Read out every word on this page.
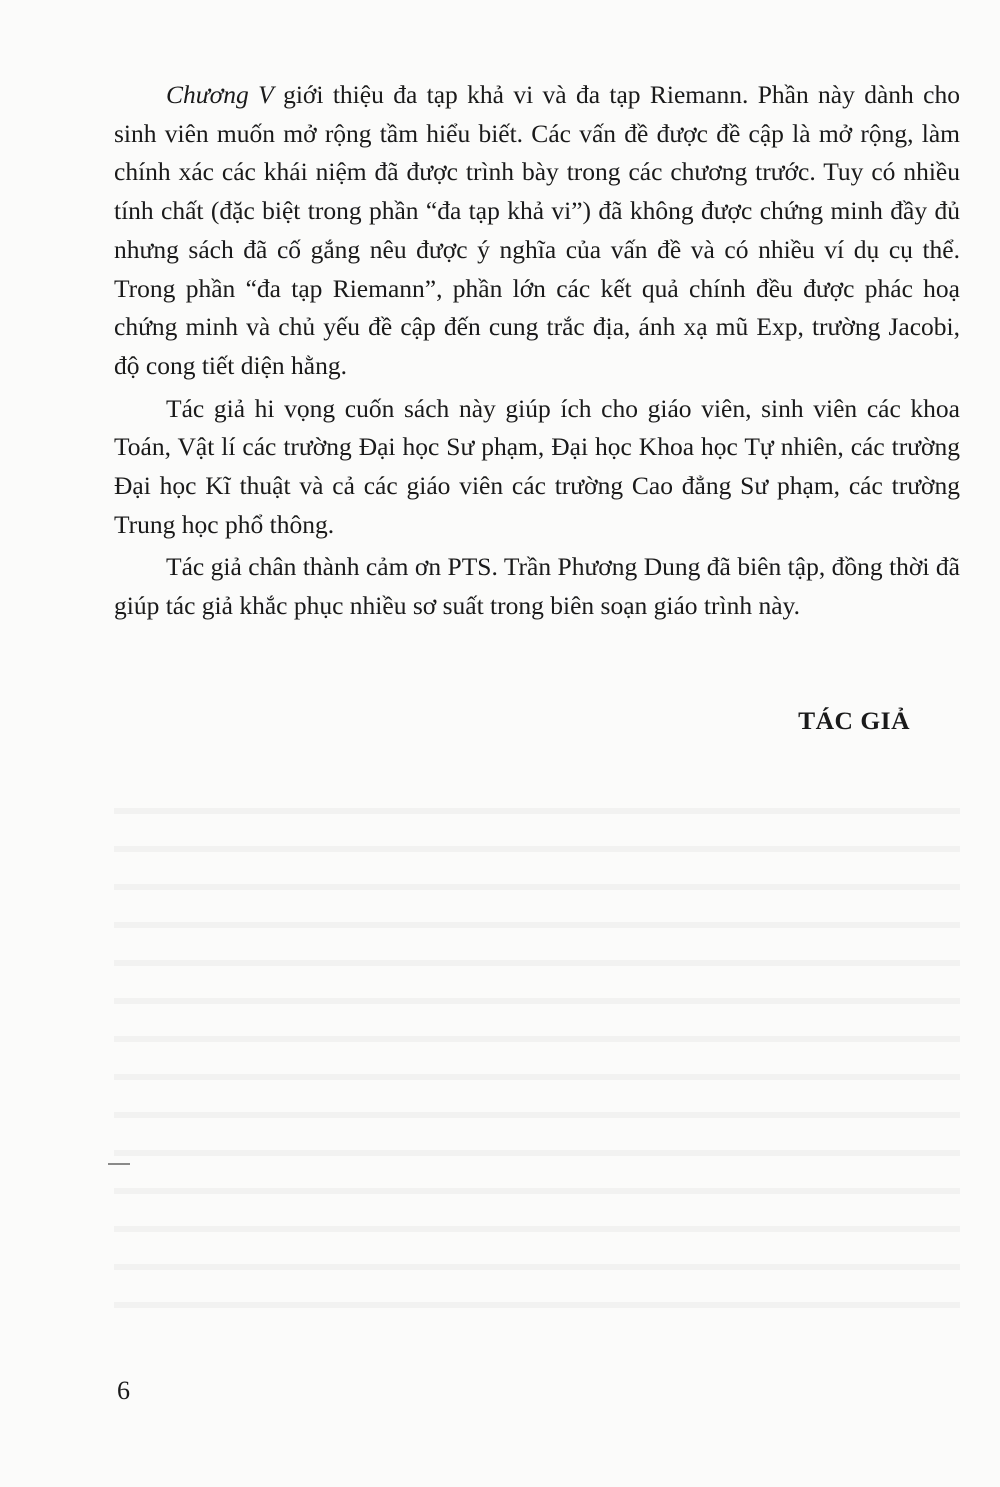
Chương V giới thiệu đa tạp khả vi và đa tạp Riemann. Phần này dành cho sinh viên muốn mở rộng tầm hiểu biết. Các vấn đề được đề cập là mở rộng, làm chính xác các khái niệm đã được trình bày trong các chương trước. Tuy có nhiều tính chất (đặc biệt trong phần “đa tạp khả vi”) đã không được chứng minh đầy đủ nhưng sách đã cố gắng nêu được ý nghĩa của vấn đề và có nhiều ví dụ cụ thể. Trong phần “đa tạp Riemann”, phần lớn các kết quả chính đều được phác hoạ chứng minh và chủ yếu đề cập đến cung trắc địa, ánh xạ mũ Exp, trường Jacobi, độ cong tiết diện hằng.

Tác giả hi vọng cuốn sách này giúp ích cho giáo viên, sinh viên các khoa Toán, Vật lí các trường Đại học Sư phạm, Đại học Khoa học Tự nhiên, các trường Đại học Kĩ thuật và cả các giáo viên các trường Cao đẳng Sư phạm, các trường Trung học phổ thông.

Tác giả chân thành cảm ơn PTS. Trần Phương Dung đã biên tập, đồng thời đã giúp tác giả khắc phục nhiều sơ suất trong biên soạn giáo trình này.

TÁC GIẢ
6
